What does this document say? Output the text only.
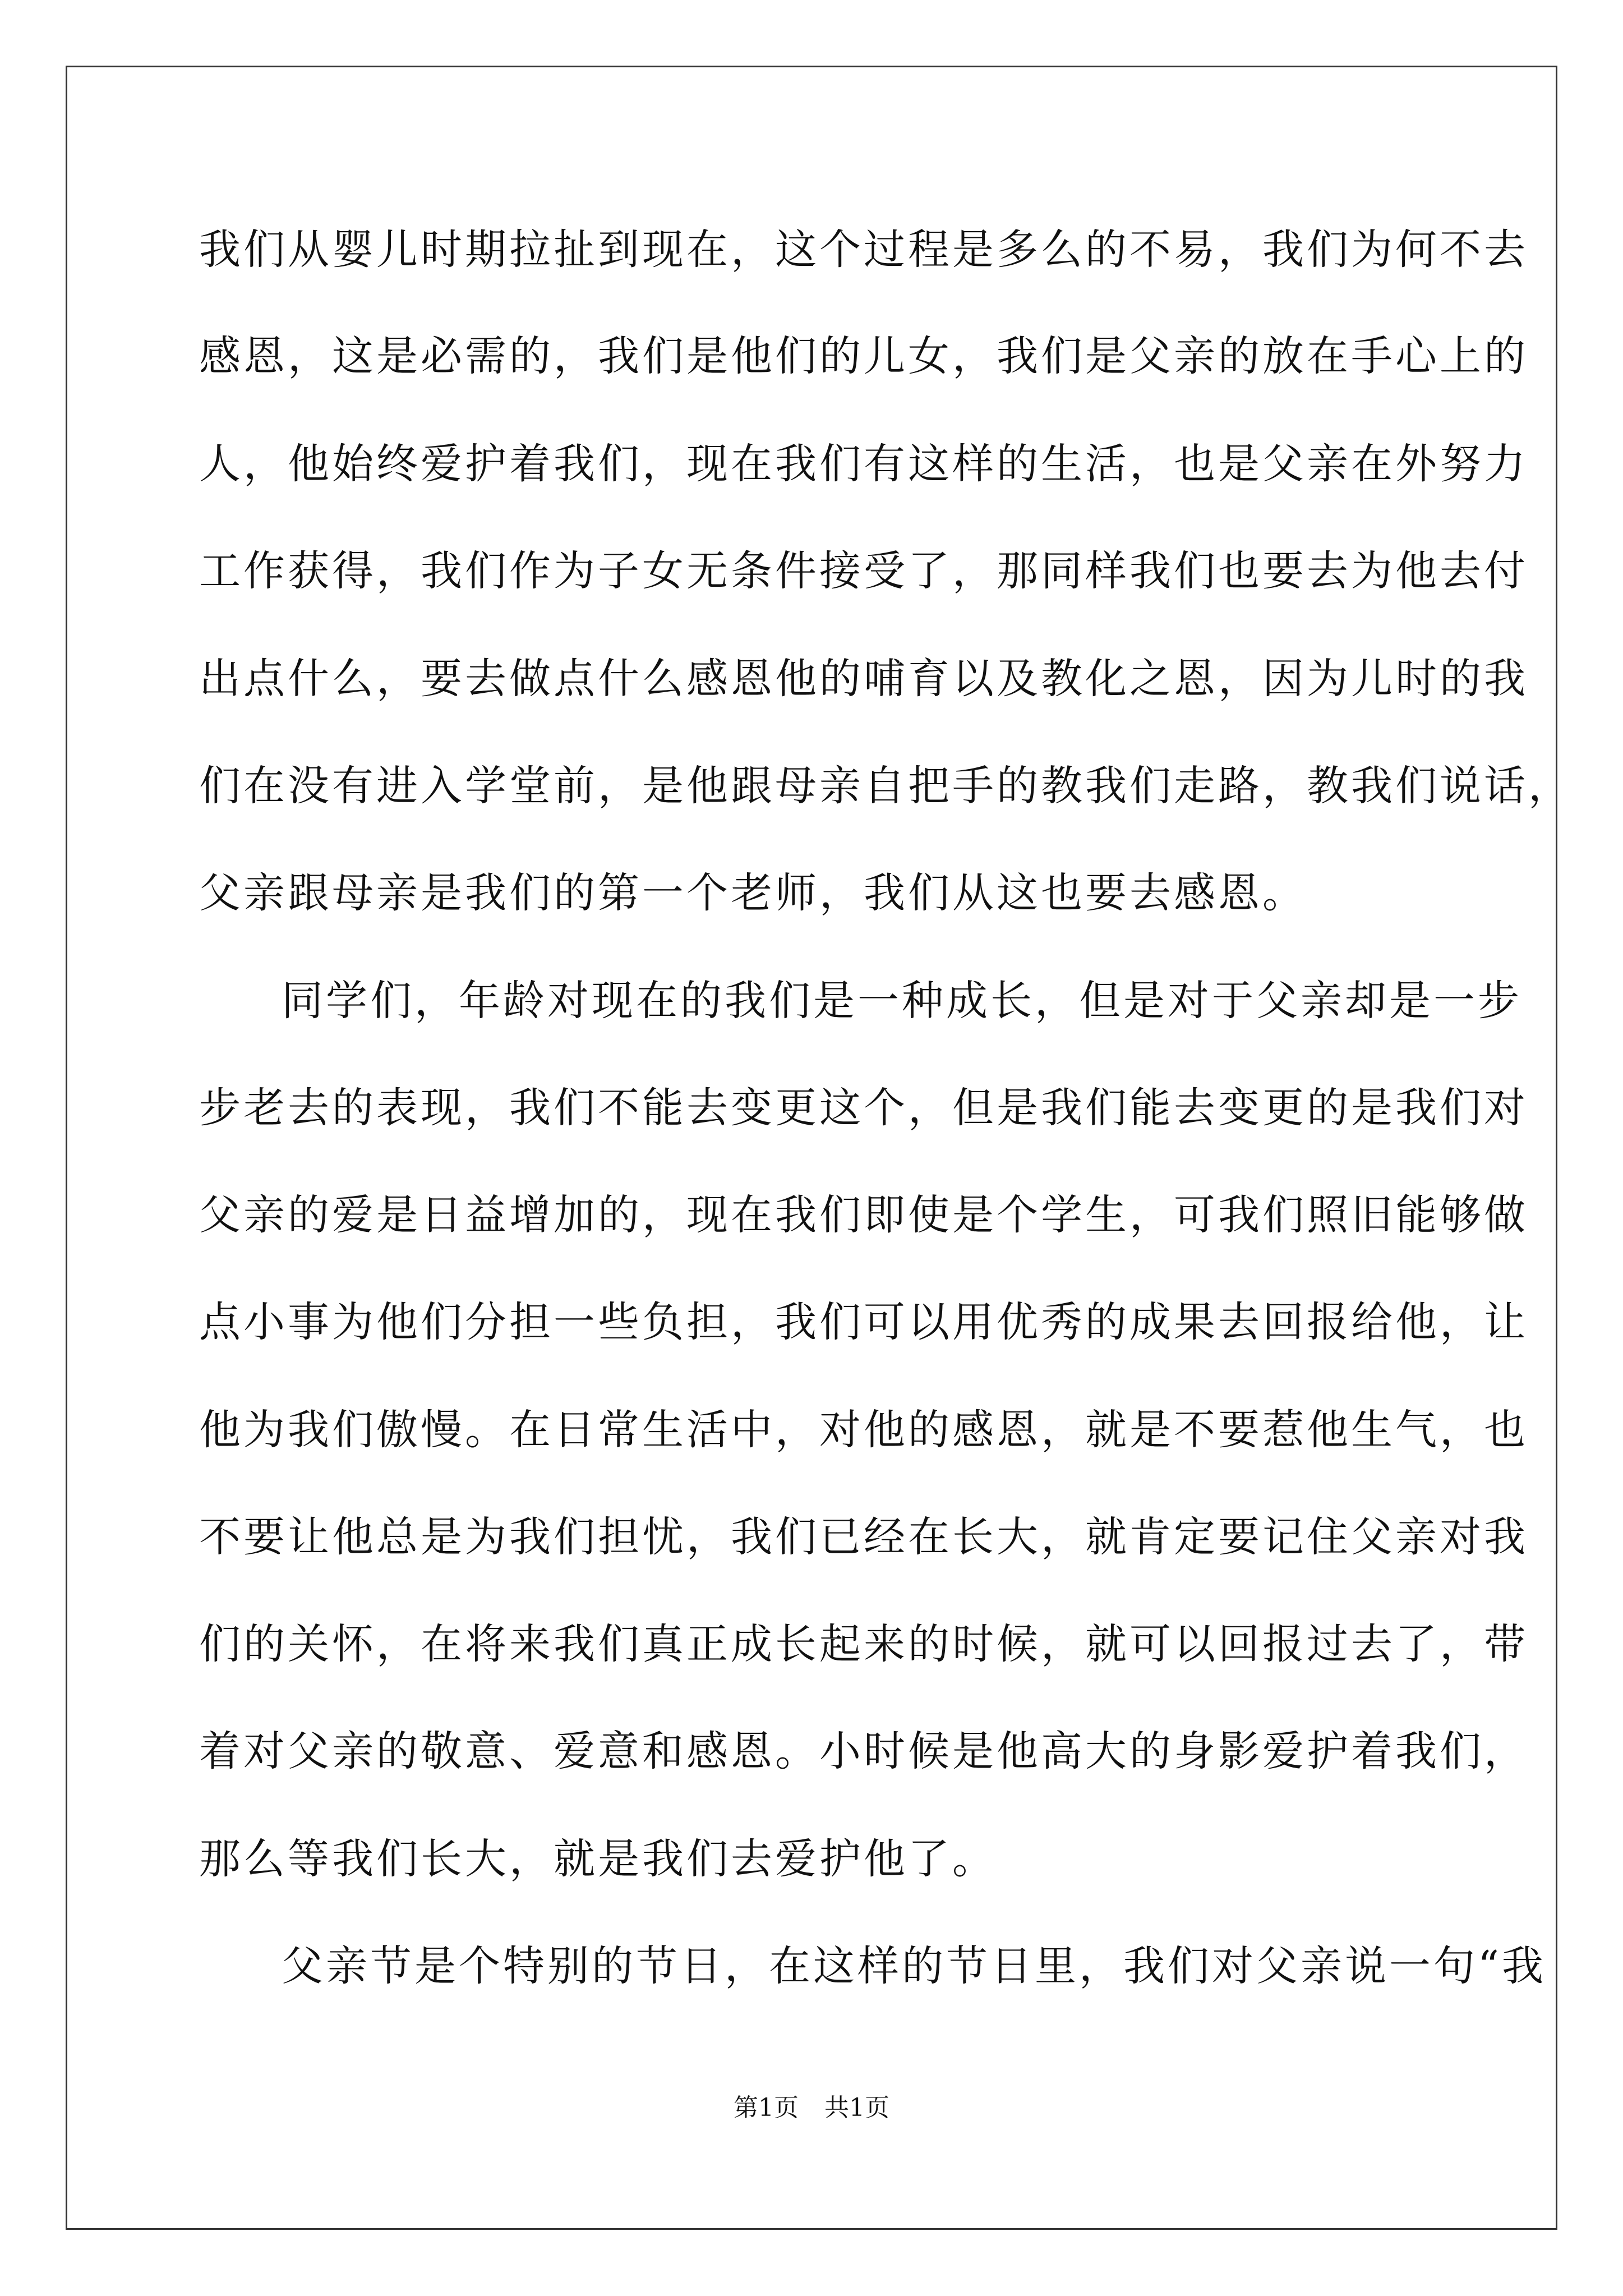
我们从婴儿时期拉扯到现在，这个过程是多么的不易，我们为何不去
感恩，这是必需的，我们是他们的儿女，我们是父亲的放在手心上的
人，他始终爱护着我们，现在我们有这样的生活，也是父亲在外努力
工作获得，我们作为子女无条件接受了，那同样我们也要去为他去付
出点什么，要去做点什么感恩他的哺育以及教化之恩，因为儿时的我
们在没有进入学堂前，是他跟母亲自把手的教我们走路，教我们说话，
父亲跟母亲是我们的第一个老师，我们从这也要去感恩。
同学们，年龄对现在的我们是一种成长，但是对于父亲却是一步
步老去的表现，我们不能去变更这个，但是我们能去变更的是我们对
父亲的爱是日益增加的，现在我们即使是个学生，可我们照旧能够做
点小事为他们分担一些负担，我们可以用优秀的成果去回报给他，让
他为我们傲慢。在日常生活中，对他的感恩，就是不要惹他生气，也
不要让他总是为我们担忧，我们已经在长大，就肯定要记住父亲对我
们的关怀，在将来我们真正成长起来的时候，就可以回报过去了，带
着对父亲的敬意、爱意和感恩。小时候是他高大的身影爱护着我们，
那么等我们长大，就是我们去爱护他了。
父亲节是个特别的节日，在这样的节日里，我们对父亲说一句“我
第1页 共1页
